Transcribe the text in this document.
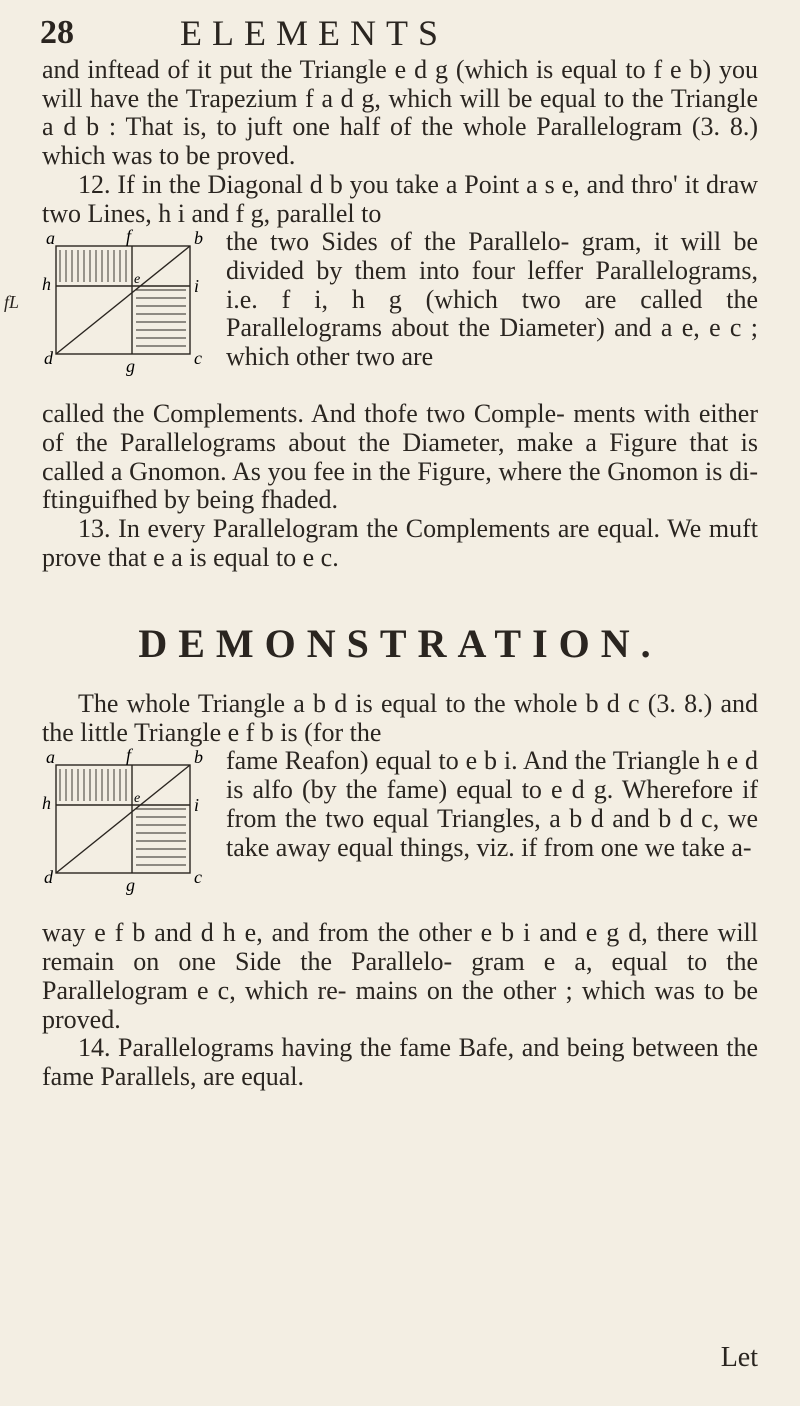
28	ELEMENTS
fL

and inftead of it put the Triangle e d g (which is equal to f e b) you will have the Trapezium f a d g, which will be equal to the Triangle a d b : That is, to juft one half of the whole Parallelogram (3. 8.) which was to be proved.

12. If in the Diagonal d b you take a Point a s e, and thro' it draw two Lines, h i and f g, parallel to

a	f	b
h	e	i
d	g	c

the two Sides of the Parallelo- gram, it will be divided by them into four leffer Parallelograms, i.e. f i, h g (which two are called the Parallelograms about the Diameter) and a e, e c ; which other two are

called the Complements. And thofe two Comple- ments with either of the Parallelograms about the Diameter, make a Figure that is called a Gnomon. As you fee in the Figure, where the Gnomon is di- ftinguifhed by being fhaded.

13. In every Parallelogram the Complements are equal. We muft prove that e a is equal to e c.

DEMONSTRATION.

The whole Triangle a b d is equal to the whole b d c (3. 8.) and the little Triangle e f b is (for the

a	f	b
h	e	i
d	g	c

fame Reafon) equal to e b i. And the Triangle h e d is alfo (by the fame) equal to e d g. Wherefore if from the two equal Triangles, a b d and b d c, we take away equal things, viz. if from one we take a-

way e f b and d h e, and from the other e b i and e g d, there will remain on one Side the Parallelo- gram e a, equal to the Parallelogram e c, which re- mains on the other ; which was to be proved.

14. Parallelograms having the fame Bafe, and being between the fame Parallels, are equal.

Let
